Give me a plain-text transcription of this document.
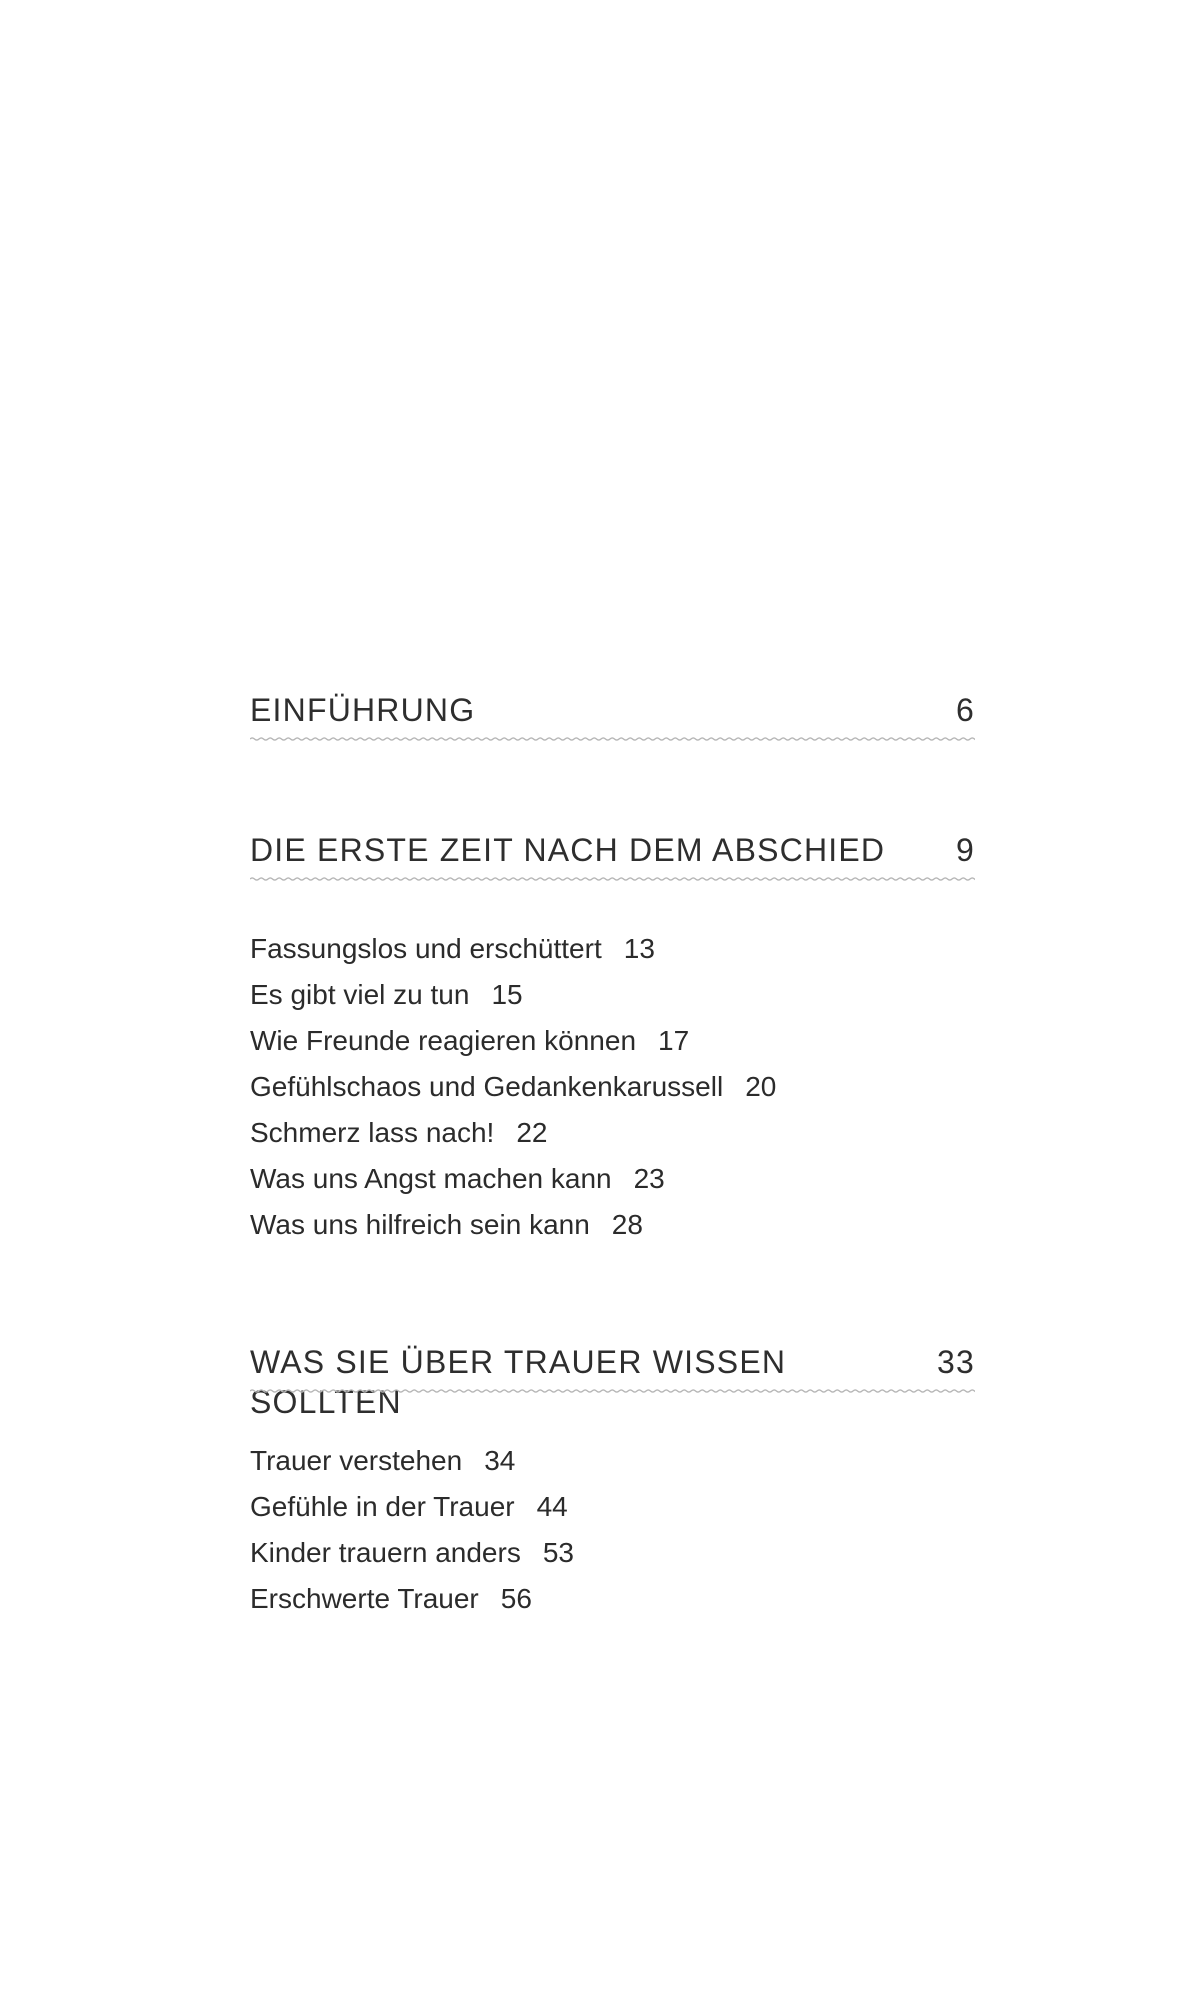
EINFÜHRUNG	6
DIE ERSTE ZEIT NACH DEM ABSCHIED 9
Fassungslos und erschüttert 13
Es gibt viel zu tun 15
Wie Freunde reagieren können 17
Gefühlschaos und Gedankenkarussell 20
Schmerz lass nach! 22
Was uns Angst machen kann 23
Was uns hilfreich sein kann 28
WAS SIE ÜBER TRAUER WISSEN SOLLTEN
33
Trauer verstehen 34
Gefühle in der Trauer 44
Kinder trauern anders 53
Erschwerte Trauer 56
